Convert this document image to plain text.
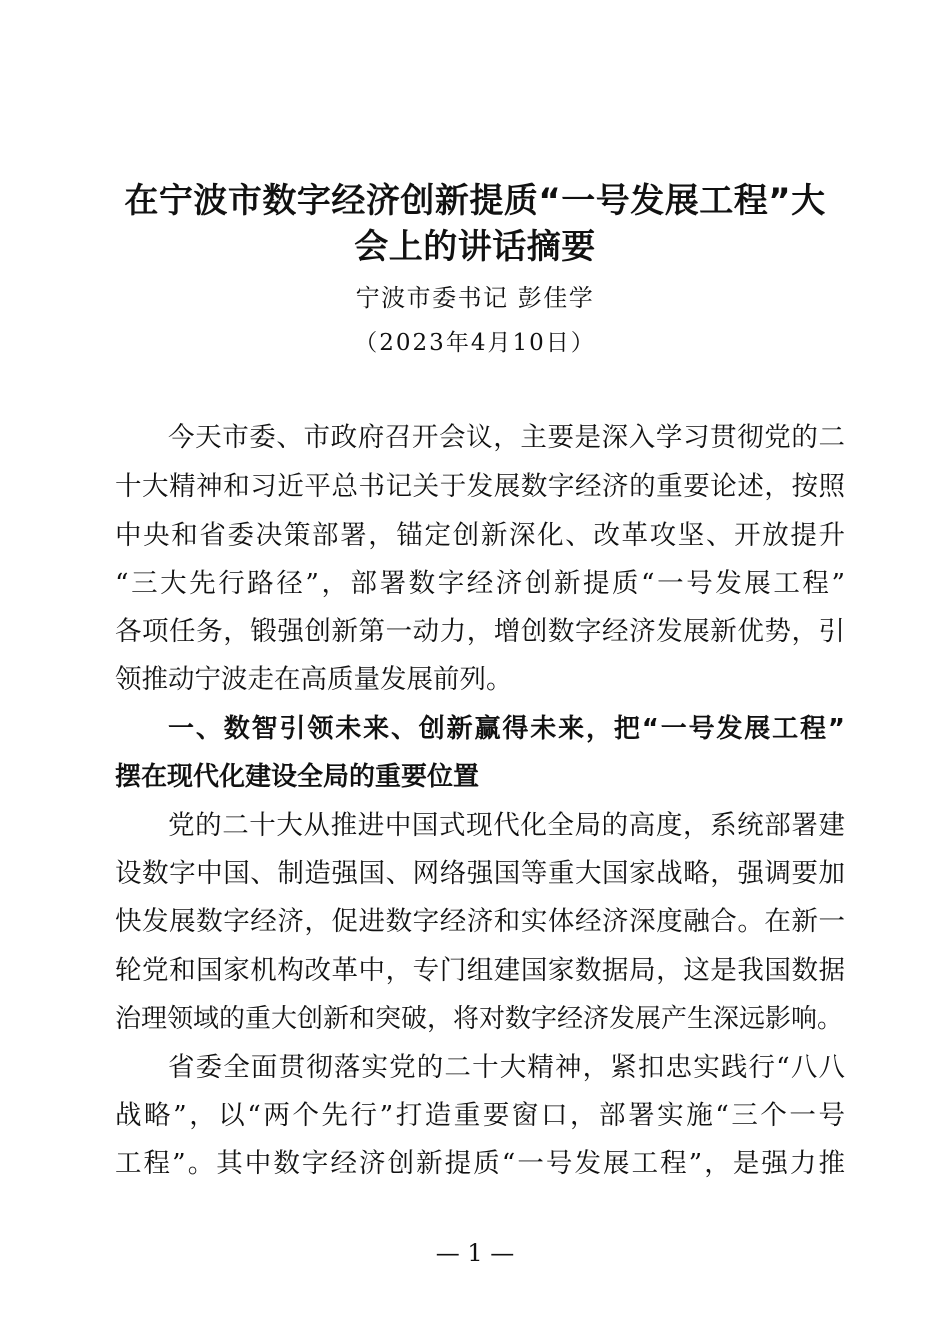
在宁波市数字经济创新提质“一号发展工程”大
会上的讲话摘要
宁波市委书记 彭佳学
（2023年4月10日）
今天市委、市政府召开会议，主要是深入学习贯彻党的二
十大精神和习近平总书记关于发展数字经济的重要论述，按照
中央和省委决策部署，锚定创新深化、改革攻坚、开放提升
“三大先行路径”，部署数字经济创新提质“一号发展工程”
各项任务，锻强创新第一动力，增创数字经济发展新优势，引
领推动宁波走在高质量发展前列。
一、数智引领未来、创新赢得未来，把“一号发展工程”
摆在现代化建设全局的重要位置
党的二十大从推进中国式现代化全局的高度，系统部署建
设数字中国、制造强国、网络强国等重大国家战略，强调要加
快发展数字经济，促进数字经济和实体经济深度融合。在新一
轮党和国家机构改革中，专门组建国家数据局，这是我国数据
治理领域的重大创新和突破，将对数字经济发展产生深远影响。
省委全面贯彻落实党的二十大精神，紧扣忠实践行“八八
战略”，以“两个先行”打造重要窗口，部署实施“三个一号
工程”。其中数字经济创新提质“一号发展工程”，是强力推
— 1 —
